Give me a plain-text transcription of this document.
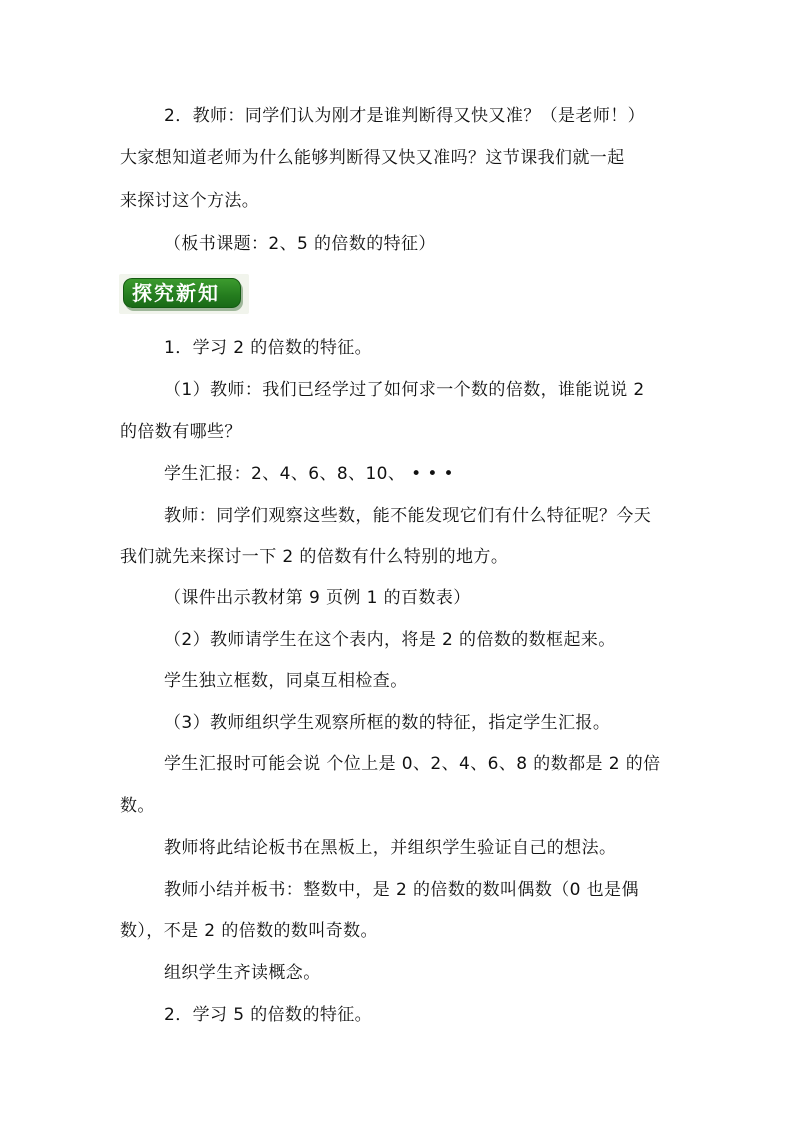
2．教师：同学们认为刚才是谁判断得又快又准？（是老师！）
大家想知道老师为什么能够判断得又快又准吗？这节课我们就一起
来探讨这个方法。
（板书课题：2、5 的倍数的特征）
探究新知
1．学习 2 的倍数的特征。
（1）教师：我们已经学过了如何求一个数的倍数，谁能说说 2
的倍数有哪些？
学生汇报：2、4、6、8、10、 • • •
教师：同学们观察这些数，能不能发现它们有什么特征呢？今天
我们就先来探讨一下 2 的倍数有什么特别的地方。
（课件出示教材第 9 页例 1 的百数表）
（2）教师请学生在这个表内，将是 2 的倍数的数框起来。
学生独立框数，同桌互相检查。
（3）教师组织学生观察所框的数的特征，指定学生汇报。
学生汇报时可能会说 个位上是 0、2、4、6、8 的数都是 2 的倍
数。
教师将此结论板书在黑板上，并组织学生验证自己的想法。
教师小结并板书：整数中，是 2 的倍数的数叫偶数（0 也是偶
数），不是 2 的倍数的数叫奇数。
组织学生齐读概念。
2．学习 5 的倍数的特征。
